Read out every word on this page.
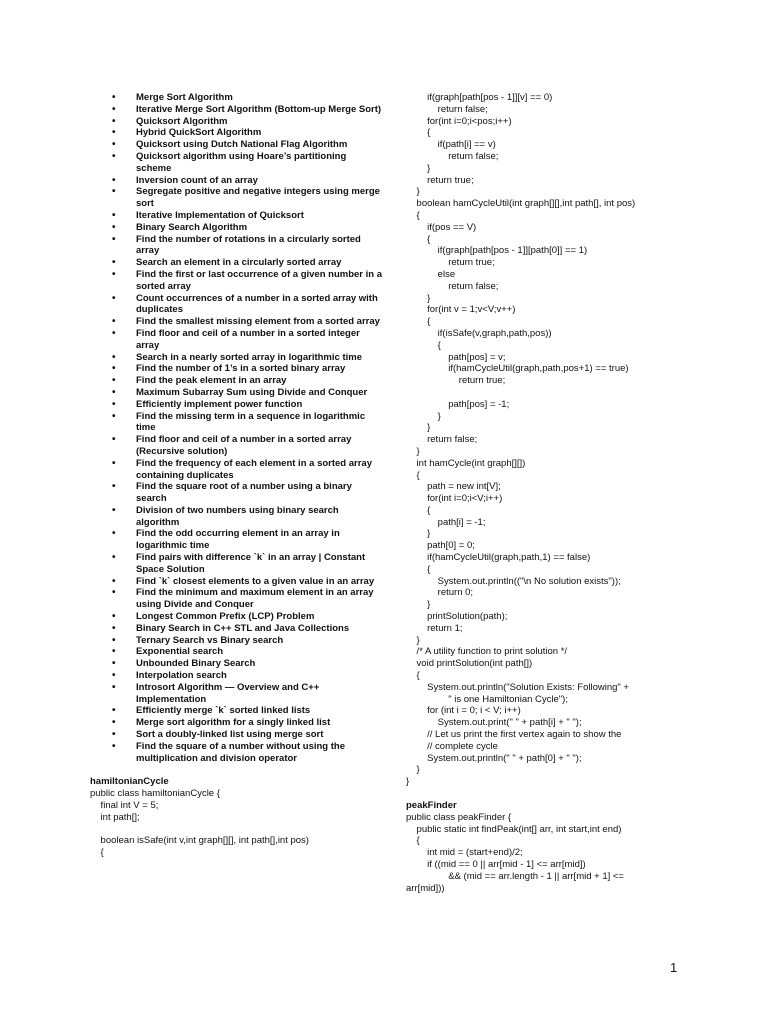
• Merge Sort Algorithm
• Iterative Merge Sort Algorithm (Bottom-up Merge Sort)
• Quicksort Algorithm
• Hybrid QuickSort Algorithm
• Quicksort using Dutch National Flag Algorithm
• Quicksort algorithm using Hoare’s partitioning scheme
• Inversion count of an array
• Segregate positive and negative integers using merge sort
• Iterative Implementation of Quicksort
• Binary Search Algorithm
• Find the number of rotations in a circularly sorted array
• Search an element in a circularly sorted array
• Find the first or last occurrence of a given number in a sorted array
• Count occurrences of a number in a sorted array with duplicates
• Find the smallest missing element from a sorted array
• Find floor and ceil of a number in a sorted integer array
• Search in a nearly sorted array in logarithmic time
• Find the number of 1’s in a sorted binary array
• Find the peak element in an array
• Maximum Subarray Sum using Divide and Conquer
• Efficiently implement power function
• Find the missing term in a sequence in logarithmic time
• Find floor and ceil of a number in a sorted array (Recursive solution)
• Find the frequency of each element in a sorted array containing duplicates
• Find the square root of a number using a binary search
• Division of two numbers using binary search algorithm
• Find the odd occurring element in an array in logarithmic time
• Find pairs with difference `k` in an array | Constant Space Solution
• Find `k` closest elements to a given value in an array
• Find the minimum and maximum element in an array using Divide and Conquer
• Longest Common Prefix (LCP) Problem
• Binary Search in C++ STL and Java Collections
• Ternary Search vs Binary search
• Exponential search
• Unbounded Binary Search
• Interpolation search
• Introsort Algorithm — Overview and C++ Implementation
• Efficiently merge `k` sorted linked lists
• Merge sort algorithm for a singly linked list
• Sort a doubly-linked list using merge sort
• Find the square of a number without using the multiplication and division operator
hamiltonianCycle
public class hamiltonianCycle {
final int V = 5;
int path[];

boolean isSafe(int v,int graph[][], int path[],int pos)
{
if(graph[path[pos - 1]][v] == 0)
return false;
for(int i=0;i<pos;i++)
{
if(path[i] == v)
return false;
}
return true;
}
boolean hamCycleUtil(int graph[][],int path[], int pos)
{
if(pos == V)
{
if(graph[path[pos - 1]][path[0]] == 1)
return true;
else
return false;
}
for(int v = 1;v<V;v++)
{
if(isSafe(v,graph,path,pos))
{
path[pos] = v;
if(hamCycleUtil(graph,path,pos+1) == true)
return true;

path[pos] = -1;
}
}
return false;
}
int hamCycle(int graph[][])
{
path = new int[V];
for(int i=0;i<V;i++)
{
path[i] = -1;
}
path[0] = 0;
if(hamCycleUtil(graph,path,1) == false)
{
System.out.println(("\n No solution exists"));
return 0;
}
printSolution(path);
return 1;
}
/* A utility function to print solution */
void printSolution(int path[])
{
System.out.println("Solution Exists: Following" +
" is one Hamiltonian Cycle");
for (int i = 0; i < V; i++)
System.out.print(" " + path[i] + " ");
// Let us print the first vertex again to show the
// complete cycle
System.out.println(" " + path[0] + " ");
}
}
peakFinder
public class peakFinder {
public static int findPeak(int[] arr, int start,int end)
{
int mid = (start+end)/2;
if ((mid == 0 || arr[mid - 1] <= arr[mid])
&& (mid == arr.length - 1 || arr[mid + 1] <=
arr[mid]))
1
